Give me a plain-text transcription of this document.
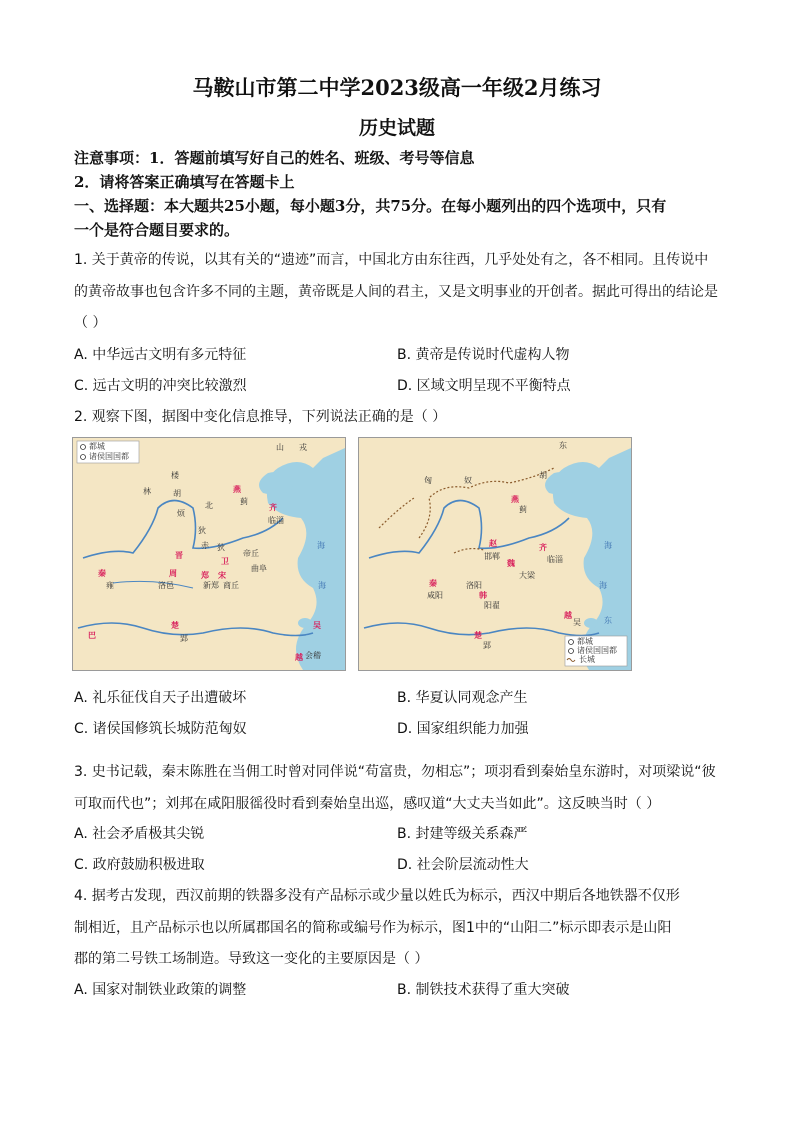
马鞍山市第二中学2023级高一年级2月练习
历史试题
注意事项：1．答题前填写好自己的姓名、班级、考号等信息
2．请将答案正确填写在答题卡上
一、选择题：本大题共25小题，每小题3分，共75分。在每小题列出的四个选项中，只有
一个是符合题目要求的。
1. 关于黄帝的传说，以其有关的“遗迹”而言，中国北方由东往西，几乎处处有之，各不相同。且传说中
的黄帝故事也包含许多不同的主题，黄帝既是人间的君主，又是文明事业的开创者。据此可得出的结论是
（ ）
A. 中华远古文明有多元特征	B. 黄帝是传说时代虚构人物
C. 远古文明的冲突比较激烈	D. 区域文明呈现不平衡特点
2. 观察下图，据图中变化信息推导，下列说法正确的是（ ）
都城
诸侯国国都
山 戎
楼
林	胡
烦
北
狄
燕
蓟
赤 狄
晋
卫
临淄
齐
帝丘
曲阜
周
洛邑	新郑
郑 宋
商丘
秦
雍
楚
郢
巴
吴
越 会稽
海
海
都城
诸侯国国都
长城
东
匈	奴
胡
燕
蓟
赵
邯郸
齐
临淄
魏
大梁
秦
咸阳
洛阳
韩
阳翟
楚
郢
越
吴
海
海
东
A. 礼乐征伐自天子出遭破坏	B. 华夏认同观念产生
C. 诸侯国修筑长城防范匈奴	D. 国家组织能力加强
3. 史书记载，秦末陈胜在当佣工时曾对同伴说“苟富贵，勿相忘”；项羽看到秦始皇东游时，对项梁说“彼
可取而代也”；刘邦在咸阳服徭役时看到秦始皇出巡，感叹道“大丈夫当如此”。这反映当时（ ）
A. 社会矛盾极其尖锐	B. 封建等级关系森严
C. 政府鼓励积极进取	D. 社会阶层流动性大
4. 据考古发现，西汉前期的铁器多没有产品标示或少量以姓氏为标示，西汉中期后各地铁器不仅形
制相近，且产品标示也以所属郡国名的简称或编号作为标示，图1中的“山阳二”标示即表示是山阳
郡的第二号铁工场制造。导致这一变化的主要原因是（ ）
A. 国家对制铁业政策的调整	B. 制铁技术获得了重大突破
